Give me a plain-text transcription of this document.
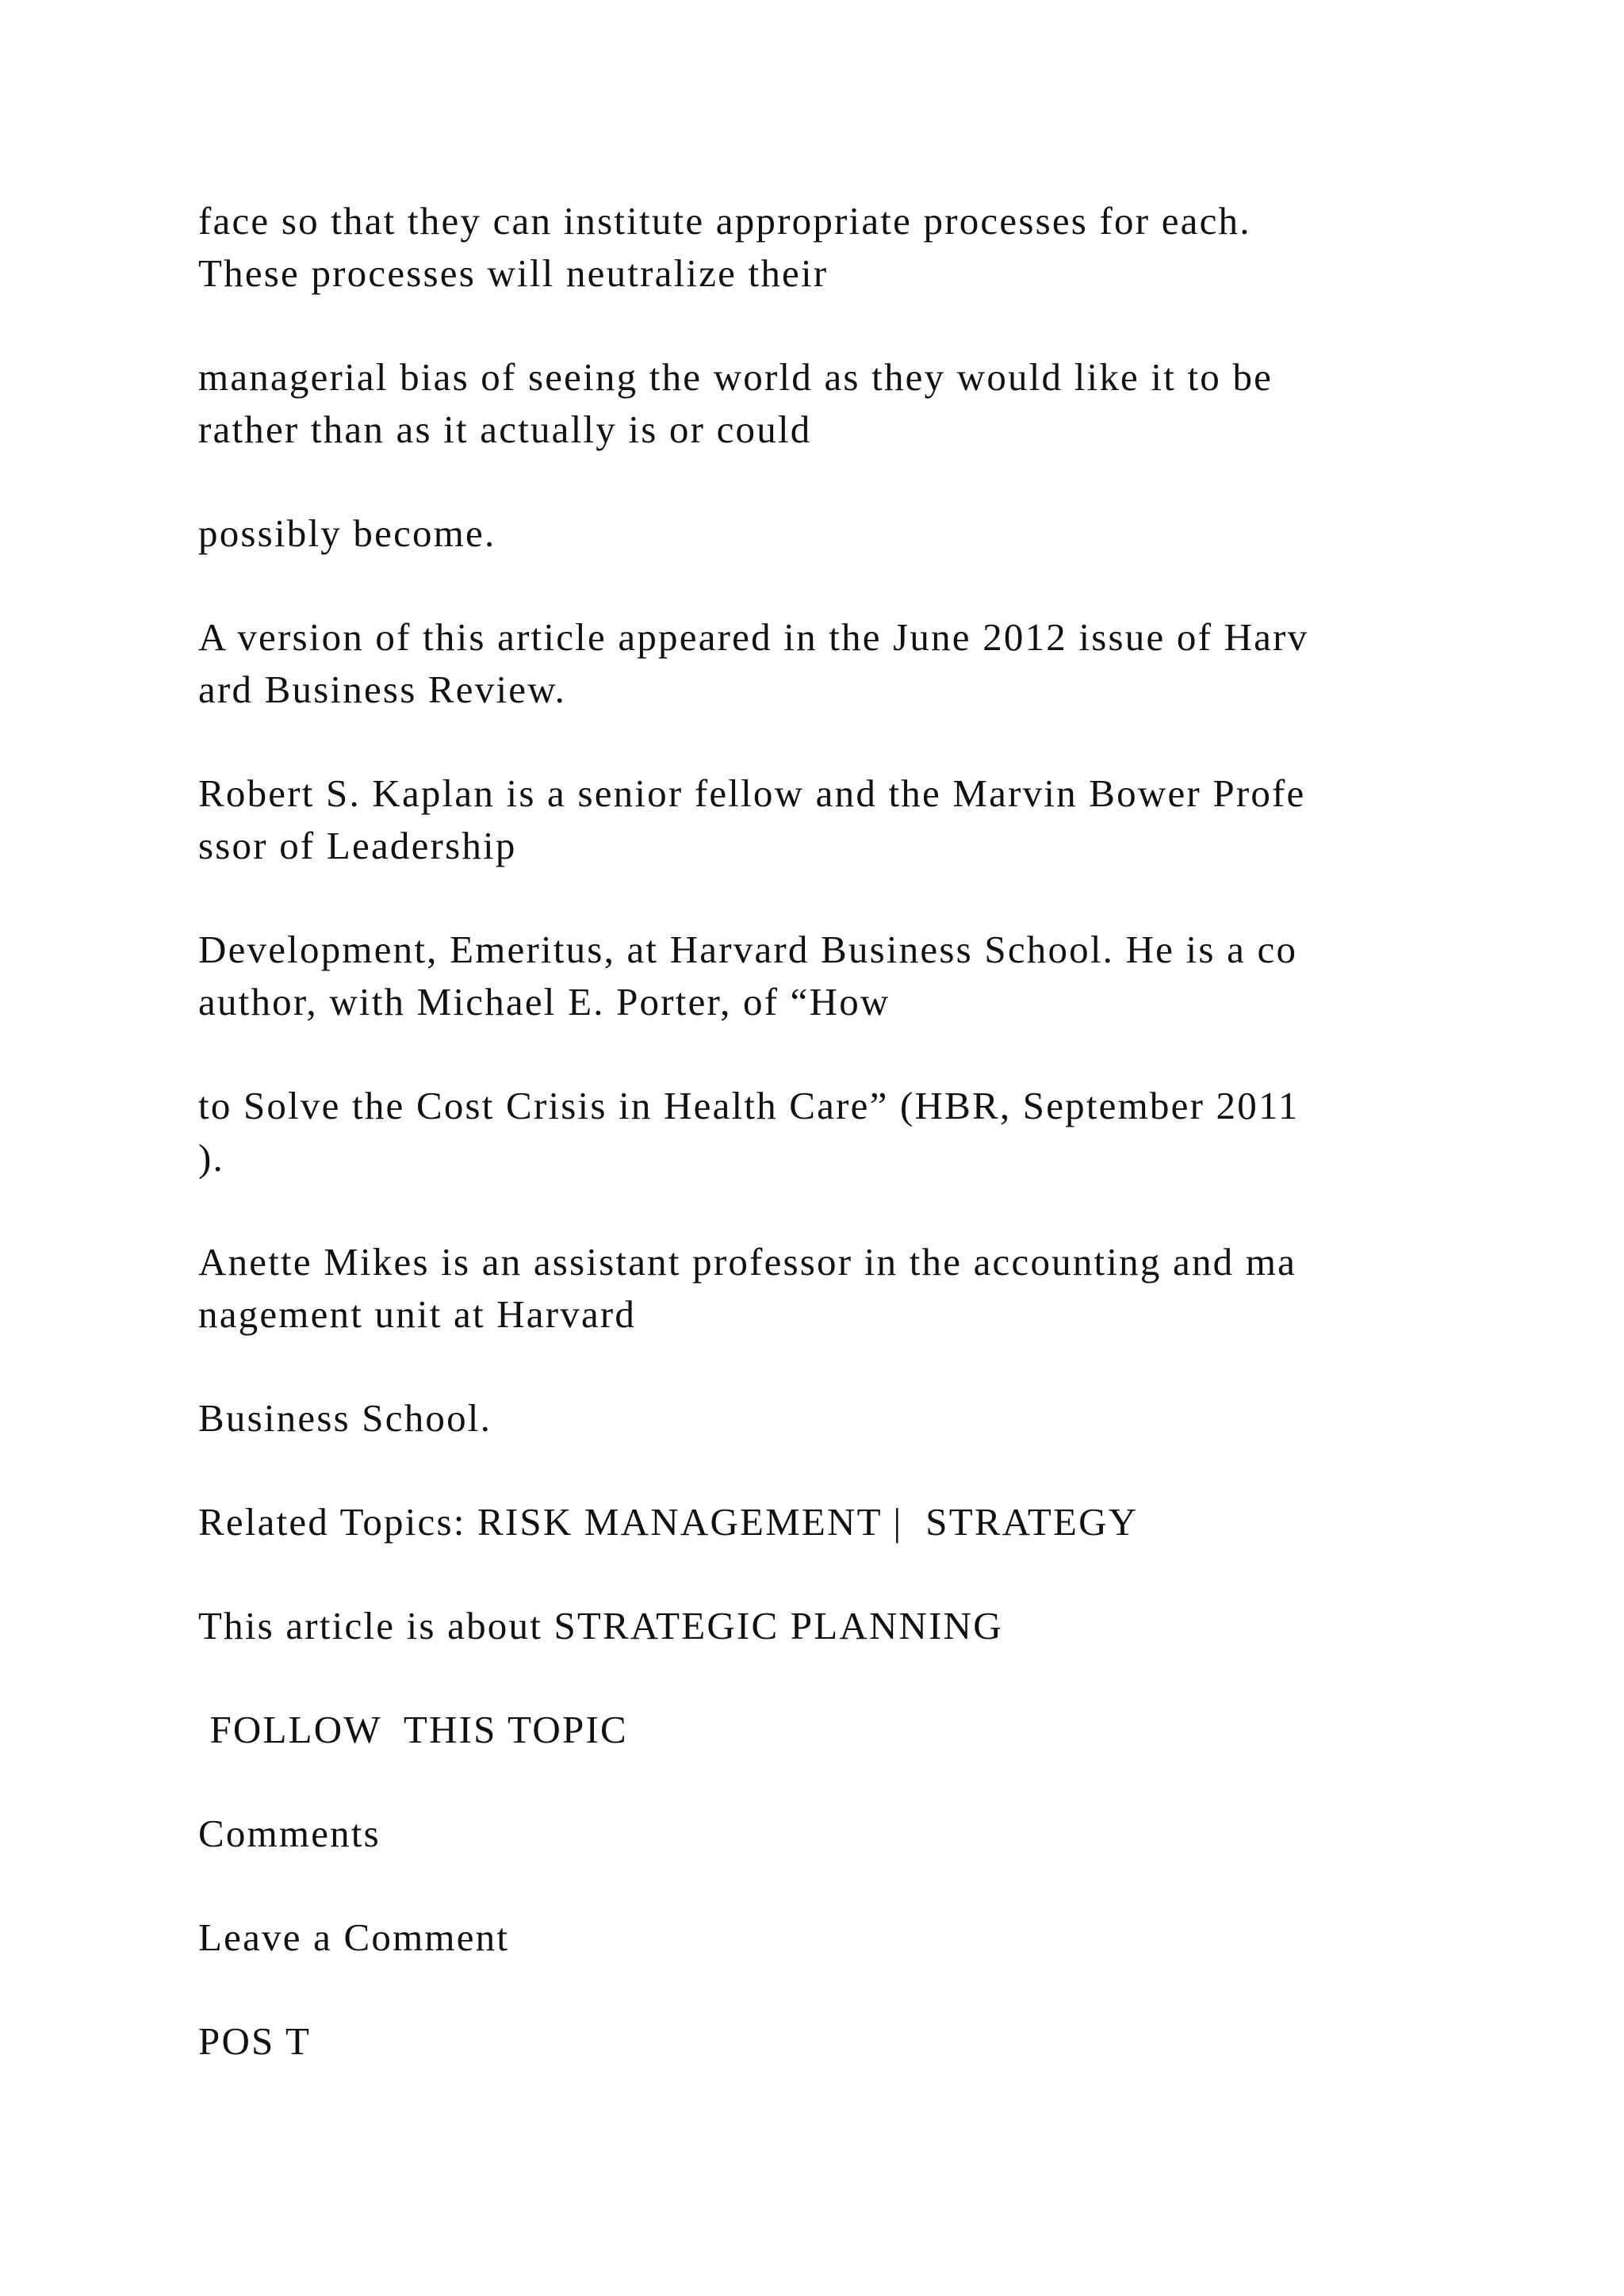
face so that they can institute appropriate processes for each.
These processes will neutralize their

managerial bias of seeing the world as they would like it to be
rather than as it actually is or could

possibly become.

A version of this article appeared in the June 2012 issue of Harv
ard Business Review.

Robert S. Kaplan is a senior fellow and the Marvin Bower Profe
ssor of Leadership

Development, Emeritus, at Harvard Business School. He is a co
author, with Michael E. Porter, of “How

to Solve the Cost Crisis in Health Care” (HBR, September 2011
).

Anette Mikes is an assistant professor in the accounting and ma
nagement unit at Harvard

Business School.

Related Topics: RISK MANAGEMENT |  STRATEGY

This article is about STRATEGIC PLANNING

FOLLOW  THIS TOPIC

Comments

Leave a Comment

POS T
